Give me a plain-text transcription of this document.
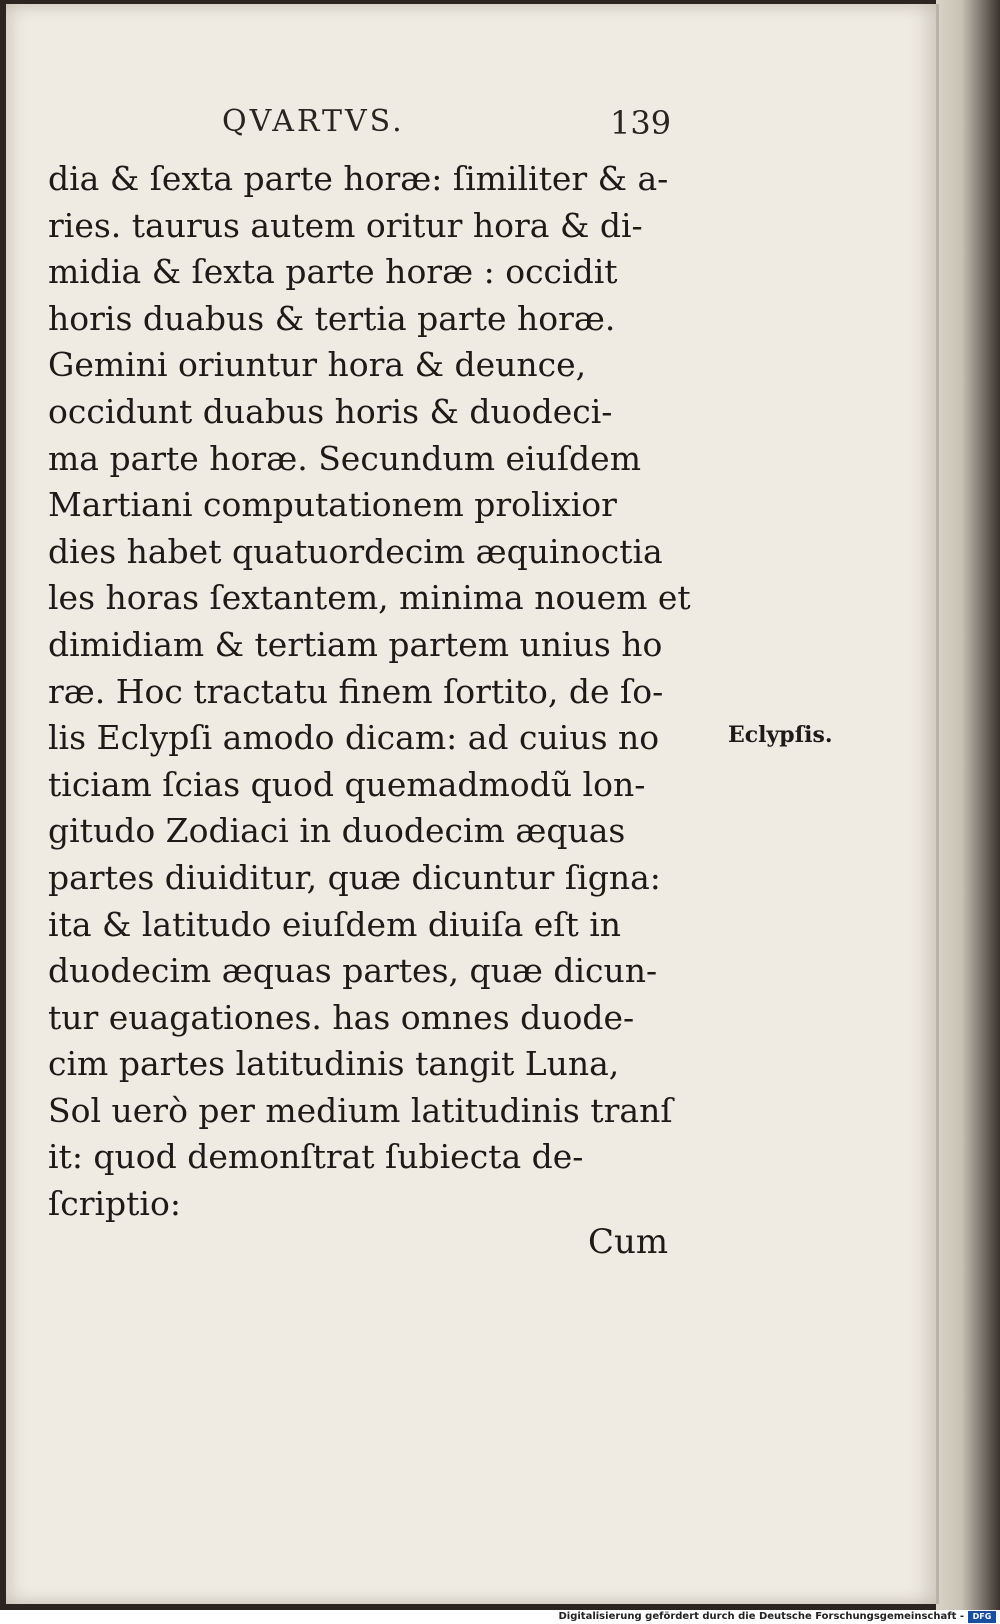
QVARTVS.	139
dia & ſexta parte horæ: ſimiliter & a-
ries. taurus autem oritur hora & di-
midia & ſexta parte horæ : occidit
horis duabus & tertia parte horæ.
Gemini oriuntur hora & deunce,
occidunt duabus horis & duodeci-
ma parte horæ. Secundum eiuſdem
Martiani computationem prolixior
dies habet quatuordecim æquinoctia
les horas ſextantem, minima nouem et
dimidiam & tertiam partem unius ho
ræ. Hoc tractatu finem ſortito, de ſo-
lis Eclypſi amodo dicam: ad cuius no
ticiam ſcias quod quemadmodũ lon-
gitudo Zodiaci in duodecim æquas
partes diuiditur, quæ dicuntur ſigna:
ita & latitudo eiuſdem diuiſa eſt in
duodecim æquas partes, quæ dicun-
tur euagationes. has omnes duode-
cim partes latitudinis tangit Luna,
Sol uerò per medium latitudinis tranſ
it: quod demonſtrat ſubiecta de-
ſcriptio:
Eclypſis.
Cum
Digitalisierung gefördert durch die Deutsche Forschungsgemeinschaft -	DFG
